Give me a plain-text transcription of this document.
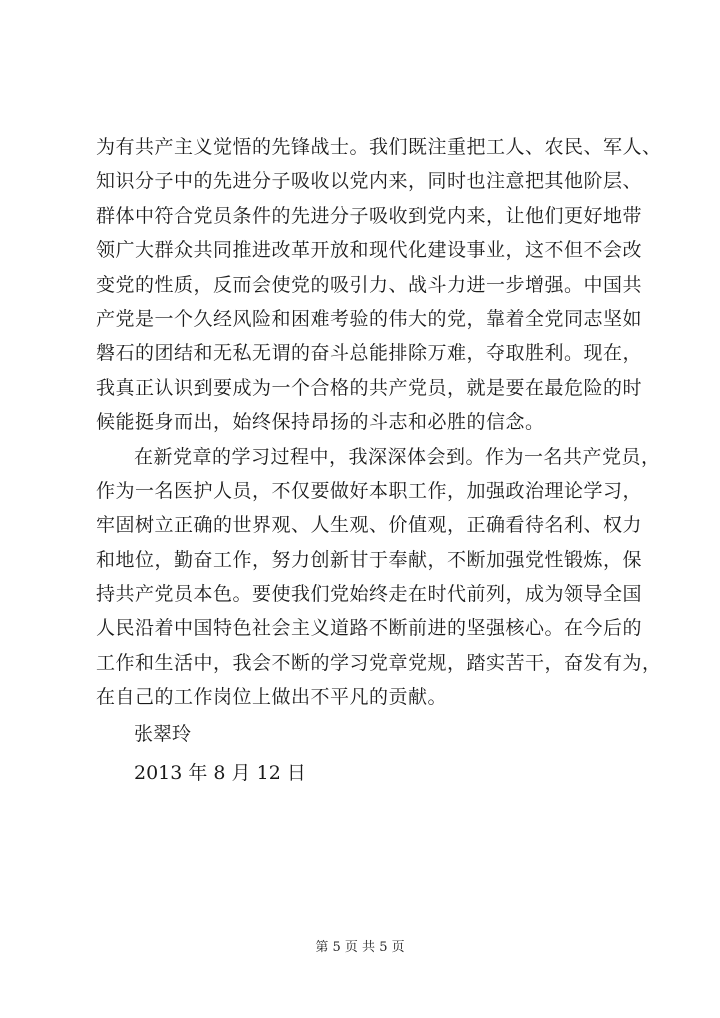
为有共产主义觉悟的先锋战士。我们既注重把工人、农民、军人、
知识分子中的先进分子吸收以党内来，同时也注意把其他阶层、
群体中符合党员条件的先进分子吸收到党内来，让他们更好地带
领广大群众共同推进改革开放和现代化建设事业，这不但不会改
变党的性质，反而会使党的吸引力、战斗力进一步增强。中国共
产党是一个久经风险和困难考验的伟大的党，靠着全党同志坚如
磐石的团结和无私无谓的奋斗总能排除万难，夺取胜利。现在，
我真正认识到要成为一个合格的共产党员，就是要在最危险的时
候能挺身而出，始终保持昂扬的斗志和必胜的信念。
在新党章的学习过程中，我深深体会到。作为一名共产党员，
作为一名医护人员，不仅要做好本职工作，加强政治理论学习，
牢固树立正确的世界观、人生观、价值观，正确看待名利、权力
和地位，勤奋工作，努力创新甘于奉献，不断加强党性锻炼，保
持共产党员本色。要使我们党始终走在时代前列，成为领导全国
人民沿着中国特色社会主义道路不断前进的坚强核心。在今后的
工作和生活中，我会不断的学习党章党规，踏实苦干，奋发有为，
在自己的工作岗位上做出不平凡的贡献。
张翠玲
2013 年 8 月 12 日
第 5 页 共 5 页
